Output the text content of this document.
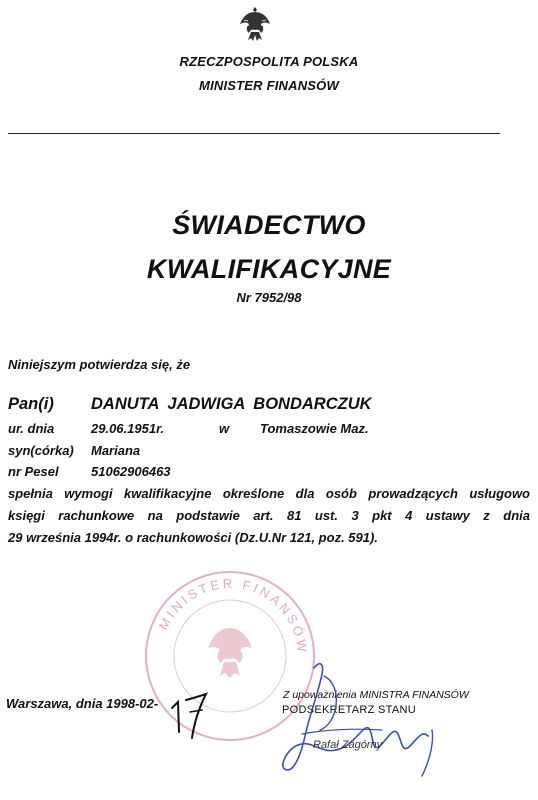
RZECZPOSPOLITA POLSKA
MINISTER FINANSÓW
ŚWIADECTWO
KWALIFIKACYJNE
Nr 7952/98
Niniejszym potwierdza się, że
Pan(i) DANUTA JADWIGA BONDARCZUK
ur. dnia	29.06.1951r.	w Tomaszowie Maz.
syn(córka) Mariana
nr Pesel 51062906463
spełnia wymogi kwalifikacyjne określone dla osób prowadzących usługowo
księgi rachunkowe na podstawie art. 81 ust. 3 pkt 4 ustawy z dnia
29 września 1994r. o rachunkowości (Dz.U.Nr 121, poz. 591).
MINISTER FINANSÓW
Warszawa, dnia 1998-02-
Z upoważnienia MINISTRA FINANSÓW
PODSEKRETARZ STANU
Rafał Zagórny
